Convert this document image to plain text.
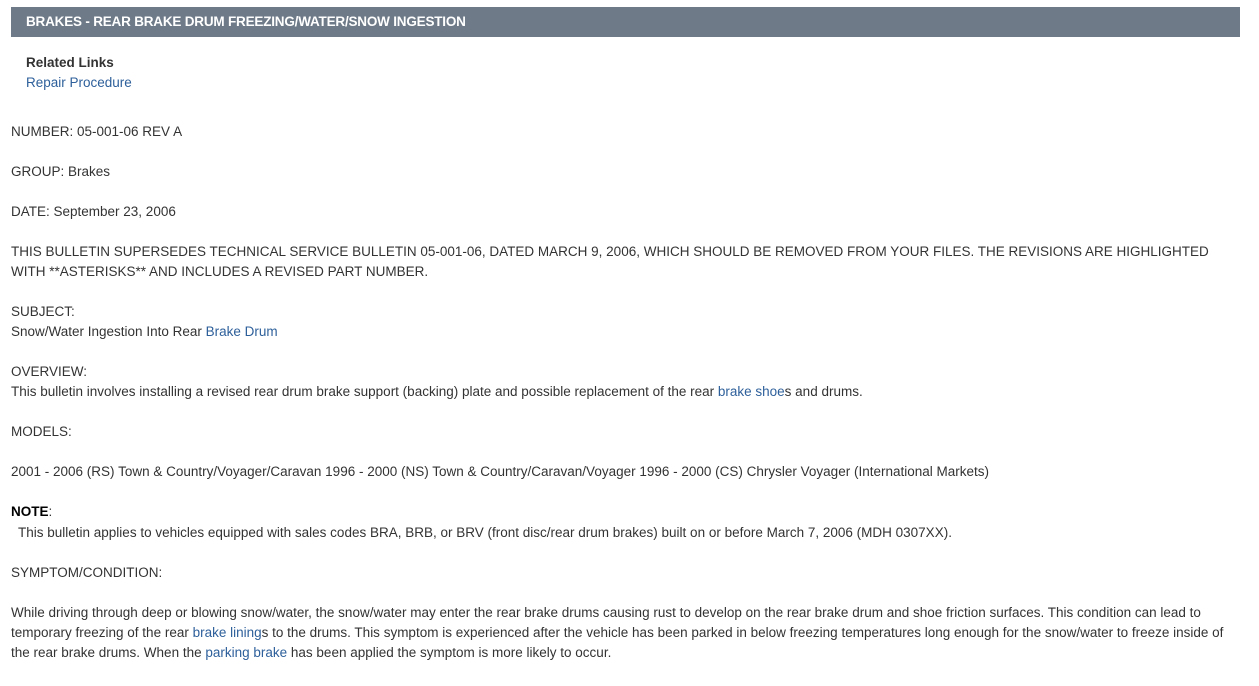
BRAKES - REAR BRAKE DRUM FREEZING/WATER/SNOW INGESTION
Related Links
Repair Procedure

NUMBER: 05-001-06 REV A

GROUP: Brakes

DATE: September 23, 2006

THIS BULLETIN SUPERSEDES TECHNICAL SERVICE BULLETIN 05-001-06, DATED MARCH 9, 2006, WHICH SHOULD BE REMOVED FROM YOUR FILES. THE REVISIONS ARE HIGHLIGHTED WITH **ASTERISKS** AND INCLUDES A REVISED PART NUMBER.

SUBJECT:
Snow/Water Ingestion Into Rear Brake Drum
OVERVIEW:
This bulletin involves installing a revised rear drum brake support (backing) plate and possible replacement of the rear brake shoes and drums.

MODELS:

2001 - 2006 (RS) Town & Country/Voyager/Caravan 1996 - 2000 (NS) Town & Country/Caravan/Voyager 1996 - 2000 (CS) Chrysler Voyager (International Markets)

NOTE:
This bulletin applies to vehicles equipped with sales codes BRA, BRB, or BRV (front disc/rear drum brakes) built on or before March 7, 2006 (MDH 0307XX).

SYMPTOM/CONDITION:

While driving through deep or blowing snow/water, the snow/water may enter the rear brake drums causing rust to develop on the rear brake drum and shoe friction surfaces. This condition can lead to temporary freezing of the rear brake linings to the drums. This symptom is experienced after the vehicle has been parked in below freezing temperatures long enough for the snow/water to freeze inside of the rear brake drums. When the parking brake has been applied the symptom is more likely to occur.
